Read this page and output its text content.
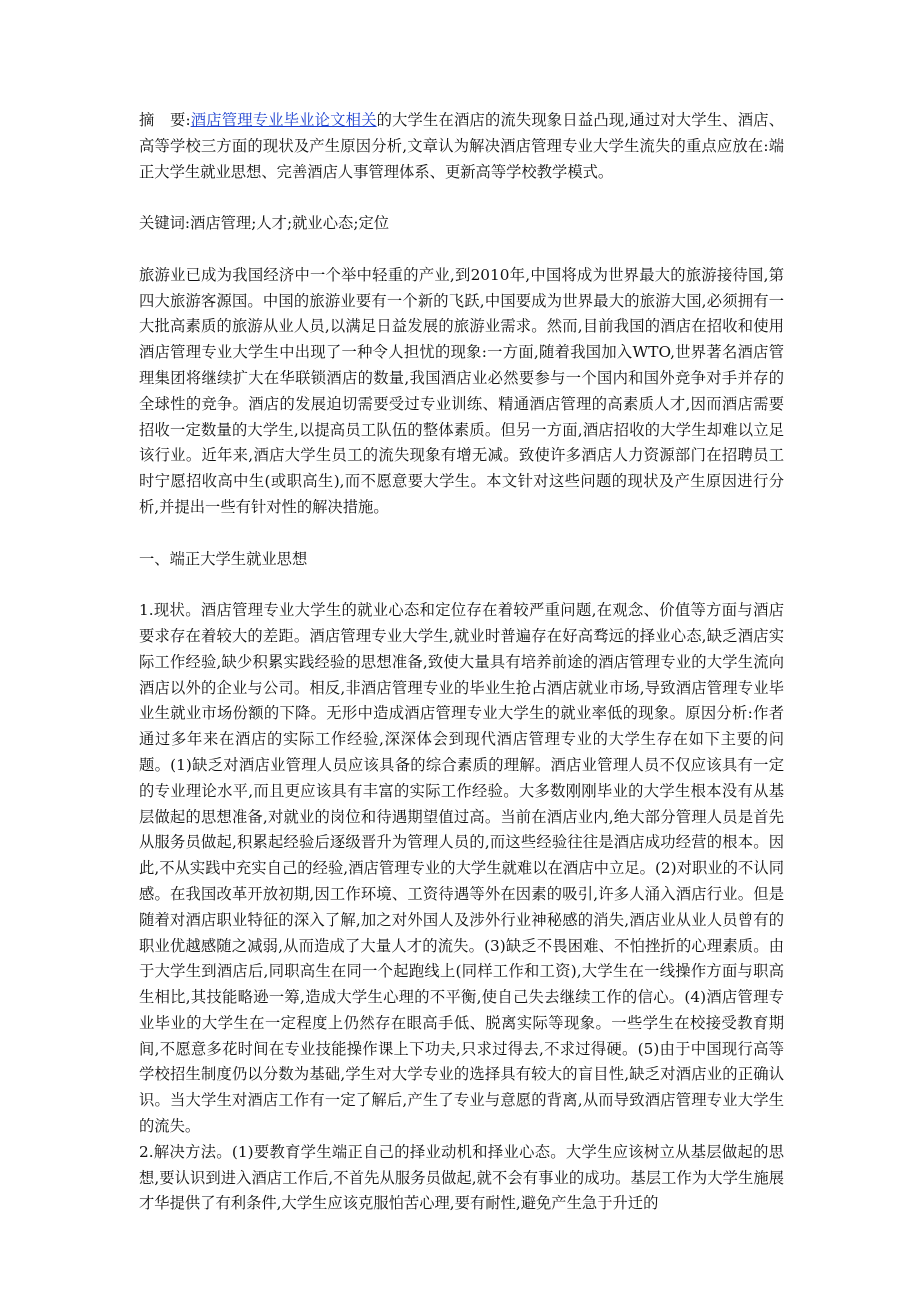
摘　要:酒店管理专业毕业论文相关的大学生在酒店的流失现象日益凸现,通过对大学生、酒店、高等学校三方面的现状及产生原因分析,文章认为解决酒店管理专业大学生流失的重点应放在:端正大学生就业思想、完善酒店人事管理体系、更新高等学校教学模式。

关键词:酒店管理;人才;就业心态;定位

旅游业已成为我国经济中一个举中轻重的产业,到2010年,中国将成为世界最大的旅游接待国,第四大旅游客源国。中国的旅游业要有一个新的飞跃,中国要成为世界最大的旅游大国,必须拥有一大批高素质的旅游从业人员,以满足日益发展的旅游业需求。然而,目前我国的酒店在招收和使用酒店管理专业大学生中出现了一种令人担忧的现象:一方面,随着我国加入WTO,世界著名酒店管理集团将继续扩大在华联锁酒店的数量,我国酒店业必然要参与一个国内和国外竞争对手并存的全球性的竞争。酒店的发展迫切需要受过专业训练、精通酒店管理的高素质人才,因而酒店需要招收一定数量的大学生,以提高员工队伍的整体素质。但另一方面,酒店招收的大学生却难以立足该行业。近年来,酒店大学生员工的流失现象有增无减。致使许多酒店人力资源部门在招聘员工时宁愿招收高中生(或职高生),而不愿意要大学生。本文针对这些问题的现状及产生原因进行分析,并提出一些有针对性的解决措施。

一、端正大学生就业思想

1.现状。酒店管理专业大学生的就业心态和定位存在着较严重问题,在观念、价值等方面与酒店要求存在着较大的差距。酒店管理专业大学生,就业时普遍存在好高骛远的择业心态,缺乏酒店实际工作经验,缺少积累实践经验的思想准备,致使大量具有培养前途的酒店管理专业的大学生流向酒店以外的企业与公司。相反,非酒店管理专业的毕业生抢占酒店就业市场,导致酒店管理专业毕业生就业市场份额的下降。无形中造成酒店管理专业大学生的就业率低的现象。原因分析:作者通过多年来在酒店的实际工作经验,深深体会到现代酒店管理专业的大学生存在如下主要的问题。(1)缺乏对酒店业管理人员应该具备的综合素质的理解。酒店业管理人员不仅应该具有一定的专业理论水平,而且更应该具有丰富的实际工作经验。大多数刚刚毕业的大学生根本没有从基层做起的思想准备,对就业的岗位和待遇期望值过高。当前在酒店业内,绝大部分管理人员是首先从服务员做起,积累起经验后逐级晋升为管理人员的,而这些经验往往是酒店成功经营的根本。因此,不从实践中充实自己的经验,酒店管理专业的大学生就难以在酒店中立足。(2)对职业的不认同感。在我国改革开放初期,因工作环境、工资待遇等外在因素的吸引,许多人涌入酒店行业。但是随着对酒店职业特征的深入了解,加之对外国人及涉外行业神秘感的消失,酒店业从业人员曾有的职业优越感随之减弱,从而造成了大量人才的流失。(3)缺乏不畏困难、不怕挫折的心理素质。由于大学生到酒店后,同职高生在同一个起跑线上(同样工作和工资),大学生在一线操作方面与职高生相比,其技能略逊一筹,造成大学生心理的不平衡,使自己失去继续工作的信心。(4)酒店管理专业毕业的大学生在一定程度上仍然存在眼高手低、脱离实际等现象。一些学生在校接受教育期间,不愿意多花时间在专业技能操作课上下功夫,只求过得去,不求过得硬。(5)由于中国现行高等学校招生制度仍以分数为基础,学生对大学专业的选择具有较大的盲目性,缺乏对酒店业的正确认识。当大学生对酒店工作有一定了解后,产生了专业与意愿的背离,从而导致酒店管理专业大学生的流失。

2.解决方法。(1)要教育学生端正自己的择业动机和择业心态。大学生应该树立从基层做起的思想,要认识到进入酒店工作后,不首先从服务员做起,就不会有事业的成功。基层工作为大学生施展才华提供了有利条件,大学生应该克服怕苦心理,要有耐性,避免产生急于升迁的
